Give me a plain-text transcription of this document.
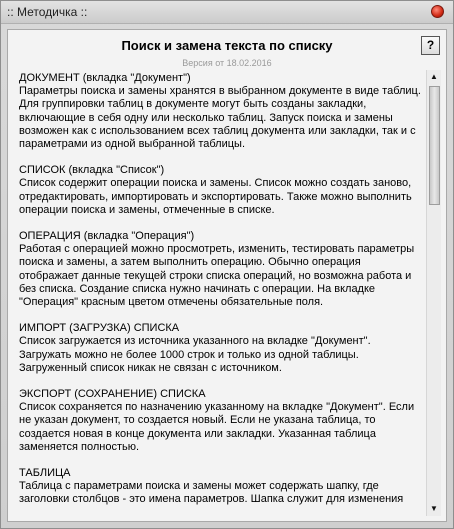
:: Методичка ::
Поиск и замена текста по списку
Версия от 18.02.2016
?
ДОКУМЕНТ (вкладка "Документ")
Параметры поиска и замены хранятся в выбранном документе в виде таблиц. Для группировки таблиц в документе могут быть созданы закладки, включающие в себя одну или несколько таблиц. Запуск поиска и замены возможен как с использованием всех таблиц документа или закладки, так и с параметрами из одной выбранной таблицы.
СПИСОК (вкладка "Список")
Список содержит операции поиска и замены. Список можно создать заново, отредактировать, импортировать и экспортировать. Также можно выполнить операции поиска и замены, отмеченные в списке.
ОПЕРАЦИЯ (вкладка "Операция")
Работая с операцией можно просмотреть, изменить, тестировать параметры поиска и замены, а затем выполнить операцию. Обычно операция отображает данные текущей строки списка операций, но возможна работа и без списка. Создание списка нужно начинать с операции. На вкладке "Операция" красным цветом отмечены обязательные поля.
ИМПОРТ (ЗАГРУЗКА) СПИСКА
Список загружается из источника указанного на вкладке "Документ". Загружать можно не более 1000 строк и только из одной таблицы. Загруженный список никак не связан с источником.
ЭКСПОРТ (СОХРАНЕНИЕ) СПИСКА
Список сохраняется по назначению указанному на вкладке "Документ". Если не указан документ, то создается новый. Если не указана таблица, то создается новая в конце документа или закладки. Указанная таблица заменяется полностью.
ТАБЛИЦА
Таблица с параметрами поиска и замены может содержать шапку, где заголовки столбцов - это имена параметров. Шапка служит для изменения
▲
▼
